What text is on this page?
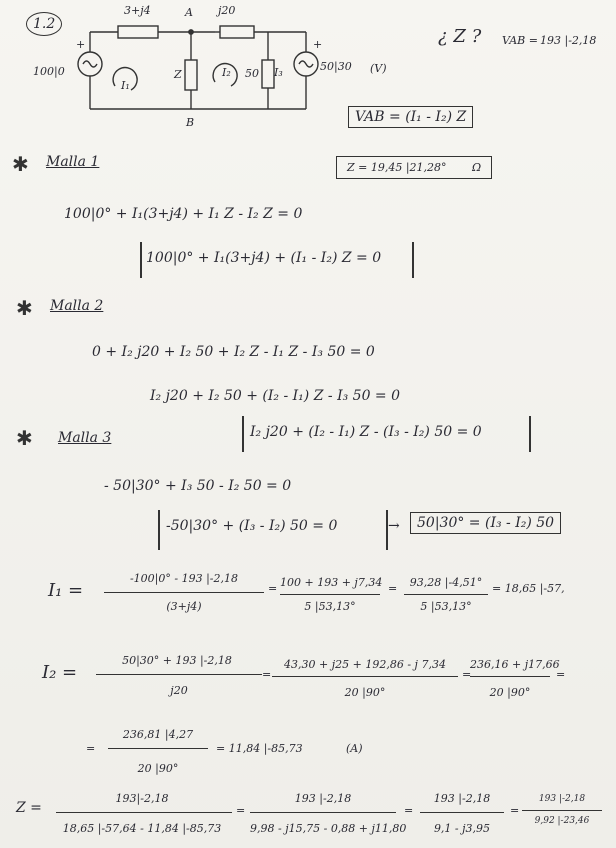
1.2
3+j4	j20
A
B
100|0
+
50|30 (V)
+
Z	50
I₁
I₂	I₃
¿ Z ? VAB = 193 |-2,18
VAB = (I₁ - I₂) Z
Z = 19,45 |21,28° Ω
✱ Malla 1
100|0° + I₁(3+j4) + I₁ Z - I₂ Z = 0
100|0° + I₁(3+j4) + (I₁ - I₂) Z = 0
✱ Malla 2
0 + I₂ j20 + I₂ 50 + I₂ Z - I₁ Z - I₃ 50 = 0
I₂ j20 + I₂ 50 + (I₂ - I₁) Z - I₃ 50 = 0
I₂ j20 + (I₂ - I₁) Z - (I₃ - I₂) 50 = 0
✱ Malla 3
- 50|30° + I₃ 50 - I₂ 50 = 0
-50|30° + (I₃ - I₂) 50 = 0	→	50|30° = (I₃ - I₂) 50
I₁ =
-100|0° - 193 |-2,18
(3+j4)
= 100 + 193 + j7,34
5 |53,13°
=	93,28 |-4,51°
5 |53,13°
= 18,65 |-57,
I₂ =
50|30° + 193 |-2,18
j20
=
43,30 + j25 + 192,86 - j 7,34
20 |90°
=
236,16 + j17,66
20 |90°
=
=
236,81 |4,27
20 |90°
= 11,84 |-85,73	(A)
Z =
193|-2,18
18,65 |-57,64 - 11,84 |-85,73
=
193 |-2,18
9,98 - j15,75 - 0,88 + j11,80
=
193 |-2,18
9,1 - j3,95
=
193 |-2,18
9,92 |-23,46
